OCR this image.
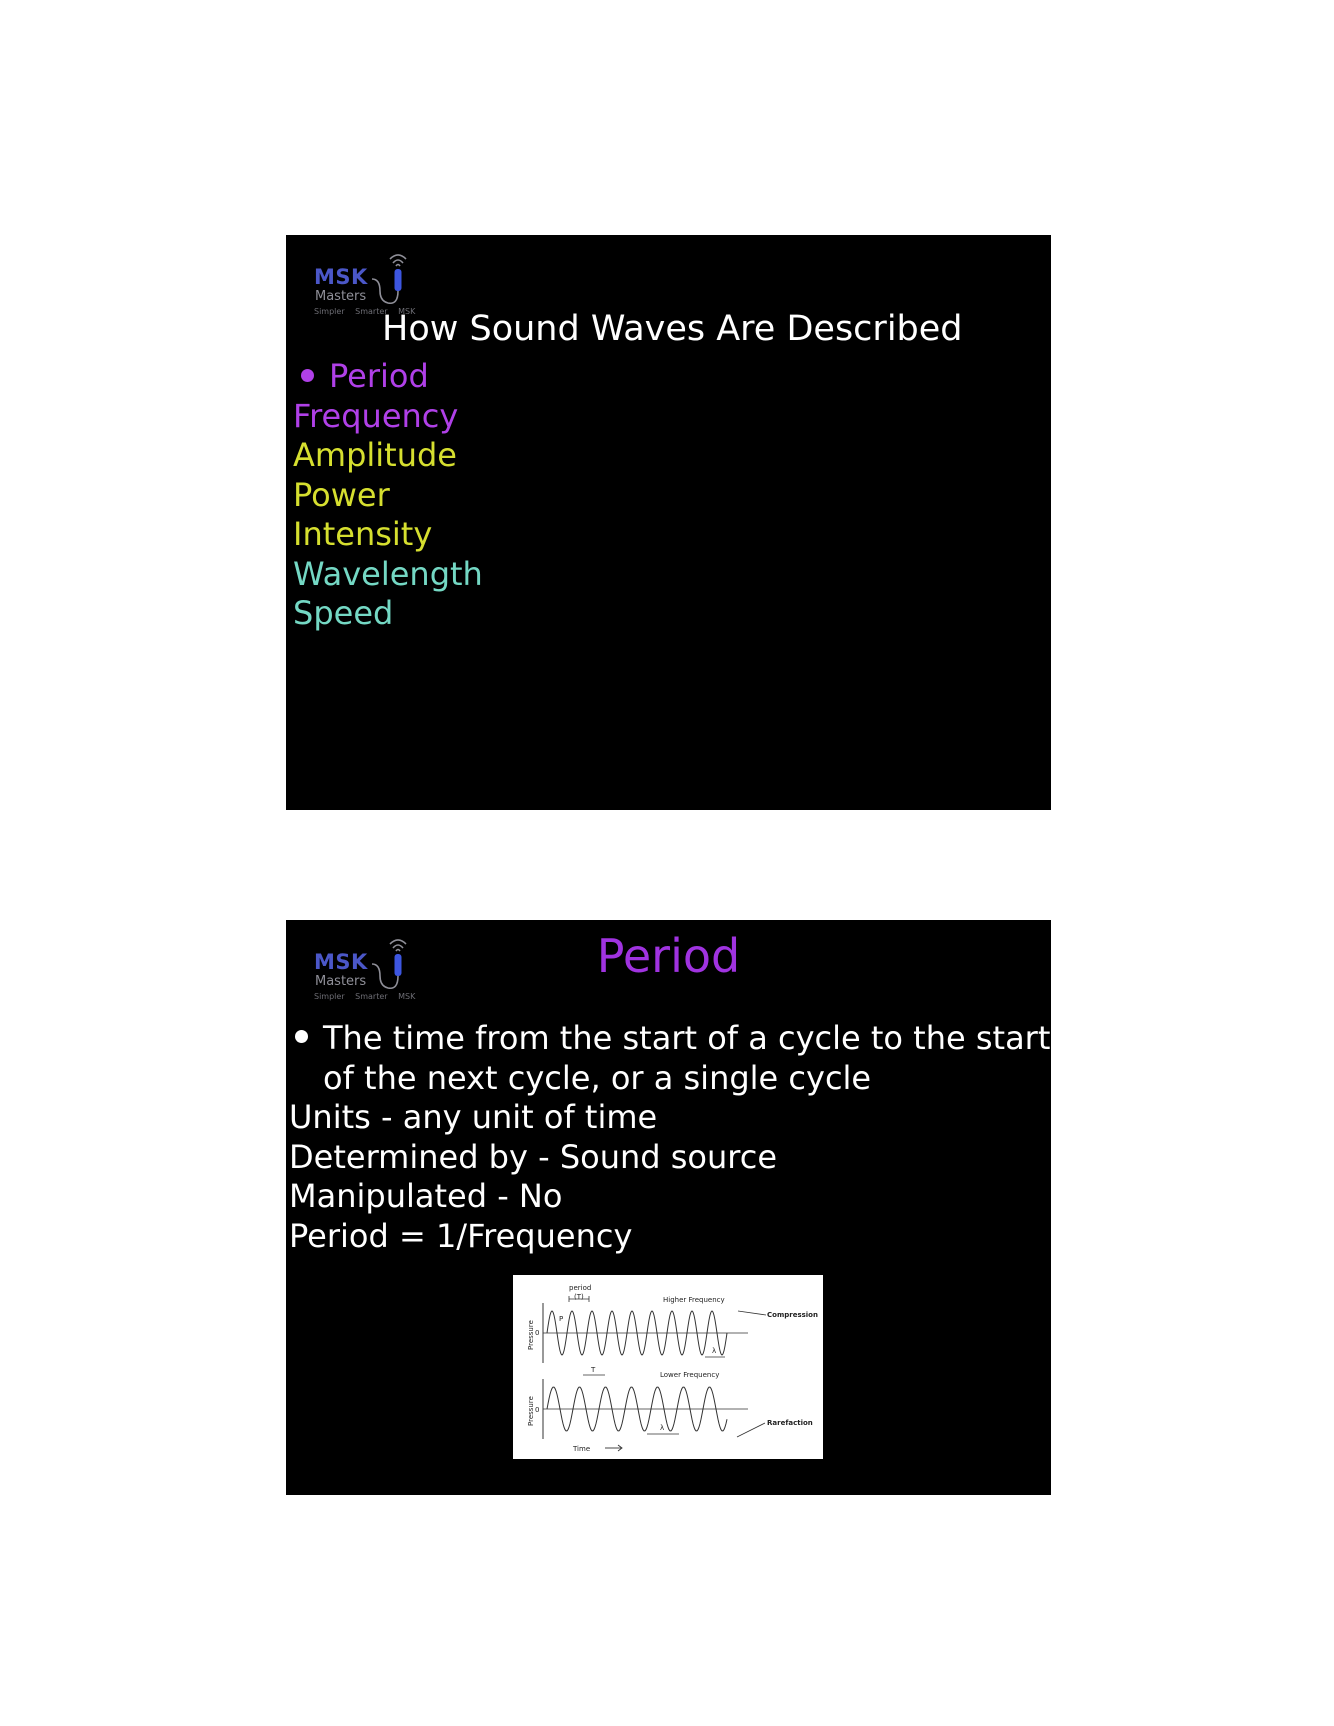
MSK
Masters
Simpler Smarter MSK
How Sound Waves Are Described
Period
Frequency
Amplitude
Power
Intensity
Wavelength
Speed
MSK
Masters
Simpler Smarter MSK
Period
The time from the start of a cycle to the start
of the next cycle, or a single cycle
Units - any unit of time
Determined by - Sound source
Manipulated - No
Period = 1/Frequency
period
(T)
P
Higher Frequency
Compression
λ
0
Pressure
T
Lower Frequency
λ
Rarefaction
0
Pressure
Time
